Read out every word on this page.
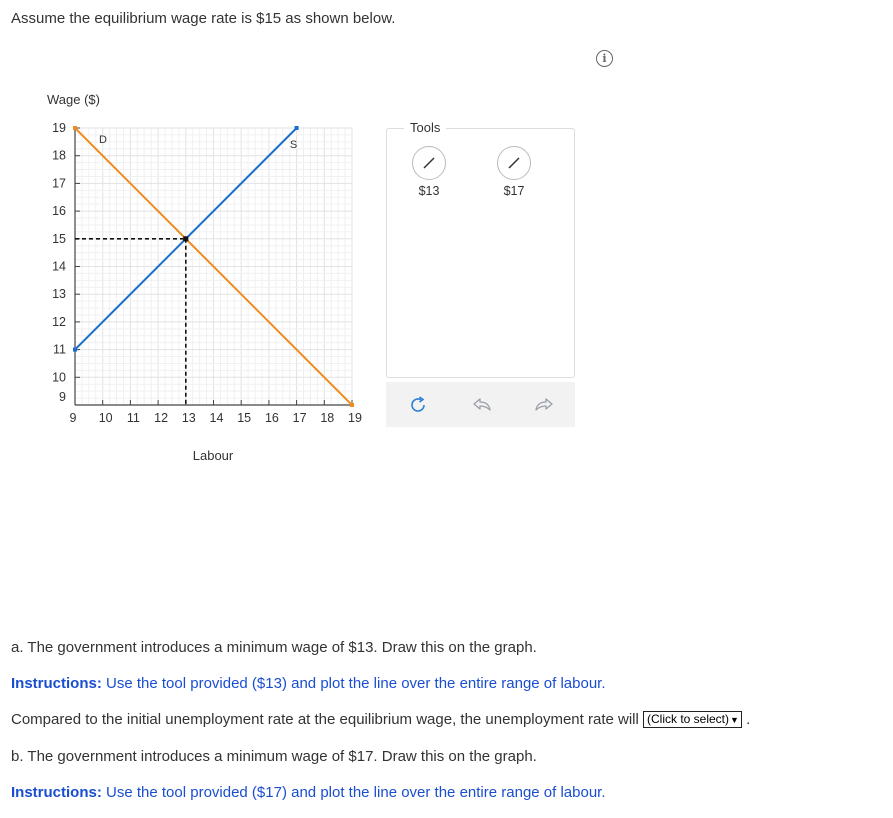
Assume the equilibrium wage rate is $15 as shown below.
i
9
10
11
12
13
14
15
16
17
18
19
9 10 11 12 13 14 15 16 17 18 19
D	S
Wage ($)
Labour
Tools
$13	$17
a. The government introduces a minimum wage of $13. Draw this on the graph.
Instructions: Use the tool provided ($13) and plot the line over the entire range of labour.
Compared to the initial unemployment rate at the equilibrium wage, the unemployment rate will (Click to select)▼ .
b. The government introduces a minimum wage of $17. Draw this on the graph.
Instructions: Use the tool provided ($17) and plot the line over the entire range of labour.
